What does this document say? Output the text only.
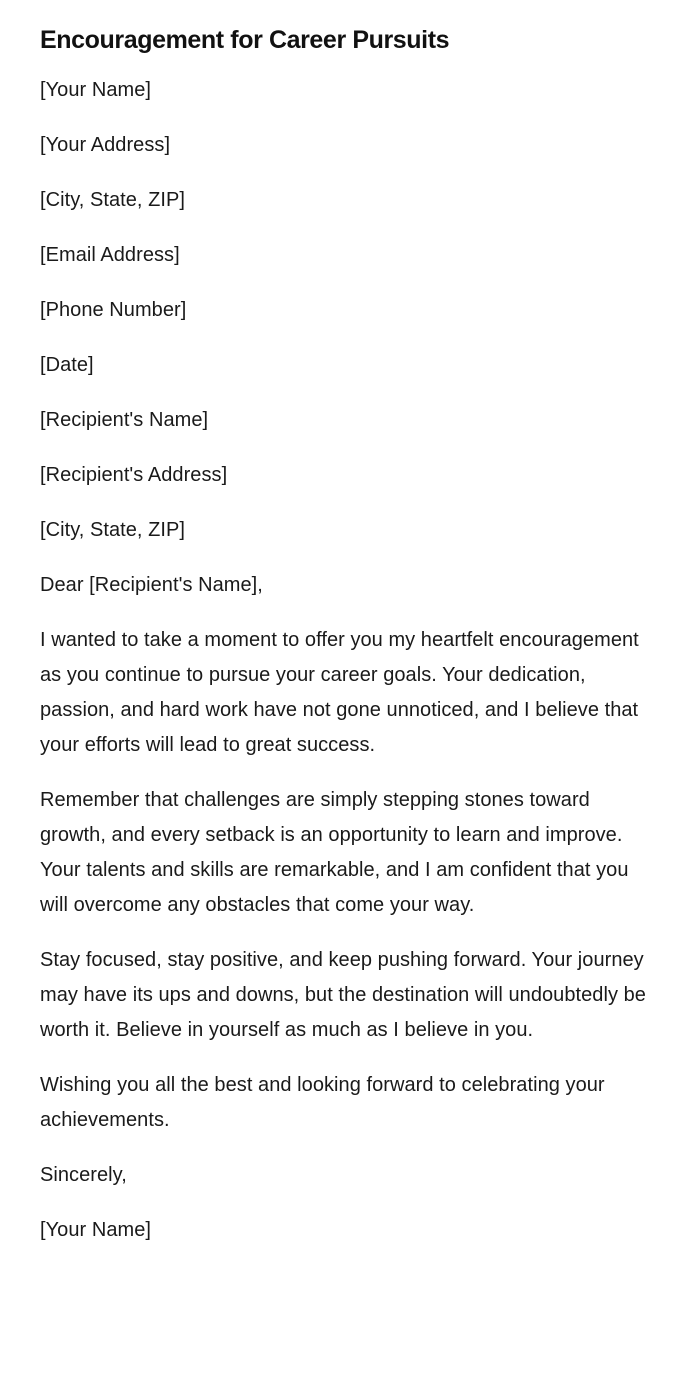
Encouragement for Career Pursuits

[Your Name]

[Your Address]

[City, State, ZIP]

[Email Address]

[Phone Number]

[Date]

[Recipient's Name]

[Recipient's Address]

[City, State, ZIP]

Dear [Recipient's Name],

I wanted to take a moment to offer you my heartfelt encouragement as you continue to pursue your career goals. Your dedication, passion, and hard work have not gone unnoticed, and I believe that your efforts will lead to great success.

Remember that challenges are simply stepping stones toward growth, and every setback is an opportunity to learn and improve. Your talents and skills are remarkable, and I am confident that you will overcome any obstacles that come your way.

Stay focused, stay positive, and keep pushing forward. Your journey may have its ups and downs, but the destination will undoubtedly be worth it. Believe in yourself as much as I believe in you.

Wishing you all the best and looking forward to celebrating your achievements.

Sincerely,

[Your Name]
